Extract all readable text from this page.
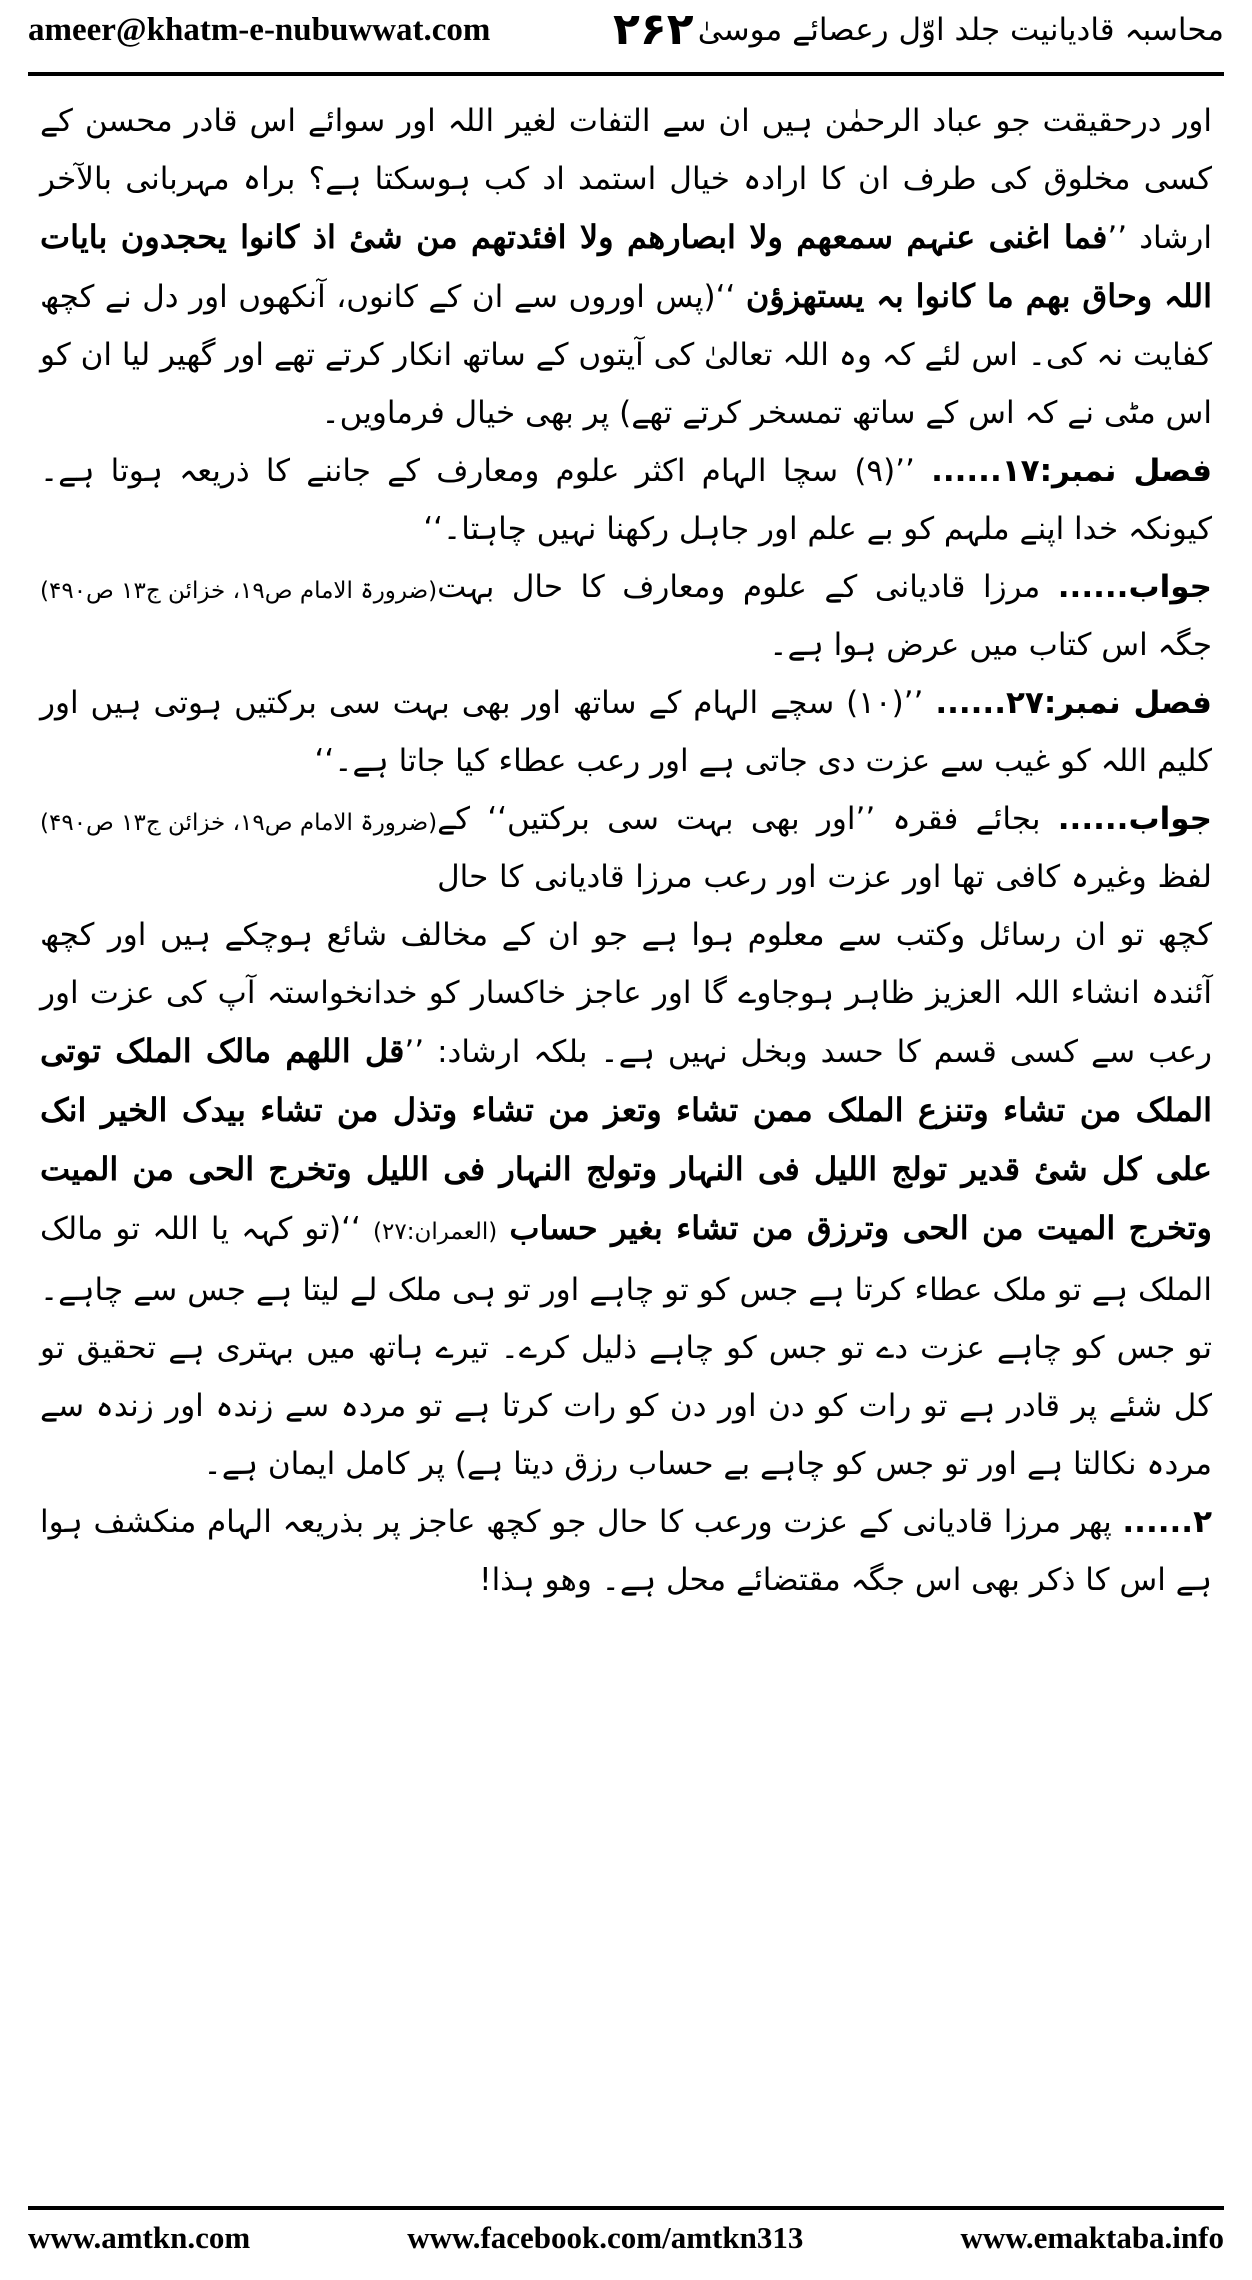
ameer@khatm-e-nubuwwat.com	۲۶۲ محاسبہ قادیانیت جلد اوّل رعصائے موسیٰ

اور درحقیقت جو عباد الرحمٰن ہیں ان سے التفات لغیر اللہ اور سوائے اس قادر محسن کے کسی مخلوق کی طرف ان کا ارادہ خیال استمد اد کب ہوسکتا ہے؟ براہ مہربانی بالآخر ارشاد ’’فما اغنی عنہم سمعھم ولا ابصارھم ولا افئدتھم من شیٔ اذ کانوا یحجدون بایات اللہ وحاق بھم ما کانوا بہ یستھزؤن ‘‘(پس اوروں سے ان کے کانوں، آنکھوں اور دل نے کچھ کفایت نہ کی۔ اس لئے کہ وہ اللہ تعالیٰ کی آیتوں کے ساتھ انکار کرتے تھے اور گھیر لیا ان کو اس مٹی نے کہ اس کے ساتھ تمسخر کرتے تھے) پر بھی خیال فرماویں۔

فصل نمبر:۱۷...... ’’(۹) سچا الہام اکثر علوم ومعارف کے جاننے کا ذریعہ ہوتا ہے۔ کیونکہ خدا اپنے ملہم کو بے علم اور جاہل رکھنا نہیں چاہتا۔‘‘
(ضرورۃ الامام ص۱۹، خزائن ج۱۳ ص۴۹۰)	جواب...... مرزا قادیانی کے علوم ومعارف کا حال بہت جگہ اس کتاب میں عرض ہوا ہے۔

فصل نمبر:۲۷...... ’’(۱۰) سچے الہام کے ساتھ اور بھی بہت سی برکتیں ہوتی ہیں اور کلیم اللہ کو غیب سے عزت دی جاتی ہے اور رعب عطاء کیا جاتا ہے۔‘‘
(ضرورۃ الامام ص۱۹، خزائن ج۱۳ ص۴۹۰)	جواب...... بجائے فقرہ ’’اور بھی بہت سی برکتیں‘‘ کے لفظ وغیرہ کافی تھا اور عزت اور رعب مرزا قادیانی کا حال کچھ تو ان رسائل وکتب سے معلوم ہوا ہے جو ان کے مخالف شائع ہوچکے ہیں اور کچھ آئندہ انشاء اللہ العزیز ظاہر ہوجاوے گا اور عاجز خاکسار کو خدانخواستہ آپ کی عزت اور رعب سے کسی قسم کا حسد وبخل نہیں ہے۔ بلکہ ارشاد: ’’قل اللھم مالک الملک توتی الملک من تشاء وتنزع الملک ممن تشاء وتعز من تشاء وتذل من تشاء بیدک الخیر انک علی کل شیٔ قدیر تولج اللیل فی النہار وتولج النہار فی اللیل وتخرج الحی من المیت وتخرج المیت من الحی وترزق من تشاء بغیر حساب (العمران:۲۷) ‘‘(تو کہہ یا اللہ تو مالک الملک ہے تو ملک عطاء کرتا ہے جس کو تو چاہے اور تو ہی ملک لے لیتا ہے جس سے چاہے۔ تو جس کو چاہے عزت دے تو جس کو چاہے ذلیل کرے۔ تیرے ہاتھ میں بہتری ہے تحقیق تو کل شئے پر قادر ہے تو رات کو دن اور دن کو رات کرتا ہے تو مردہ سے زندہ اور زندہ سے مردہ نکالتا ہے اور تو جس کو چاہے بے حساب رزق دیتا ہے) پر کامل ایمان ہے۔

۲...... پھر مرزا قادیانی کے عزت ورعب کا حال جو کچھ عاجز پر بذریعہ الہام منکشف ہوا ہے اس کا ذکر بھی اس جگہ مقتضائے محل ہے۔ وھو ہذا!

www.amtkn.com	www.facebook.com/amtkn313	www.emaktaba.info
